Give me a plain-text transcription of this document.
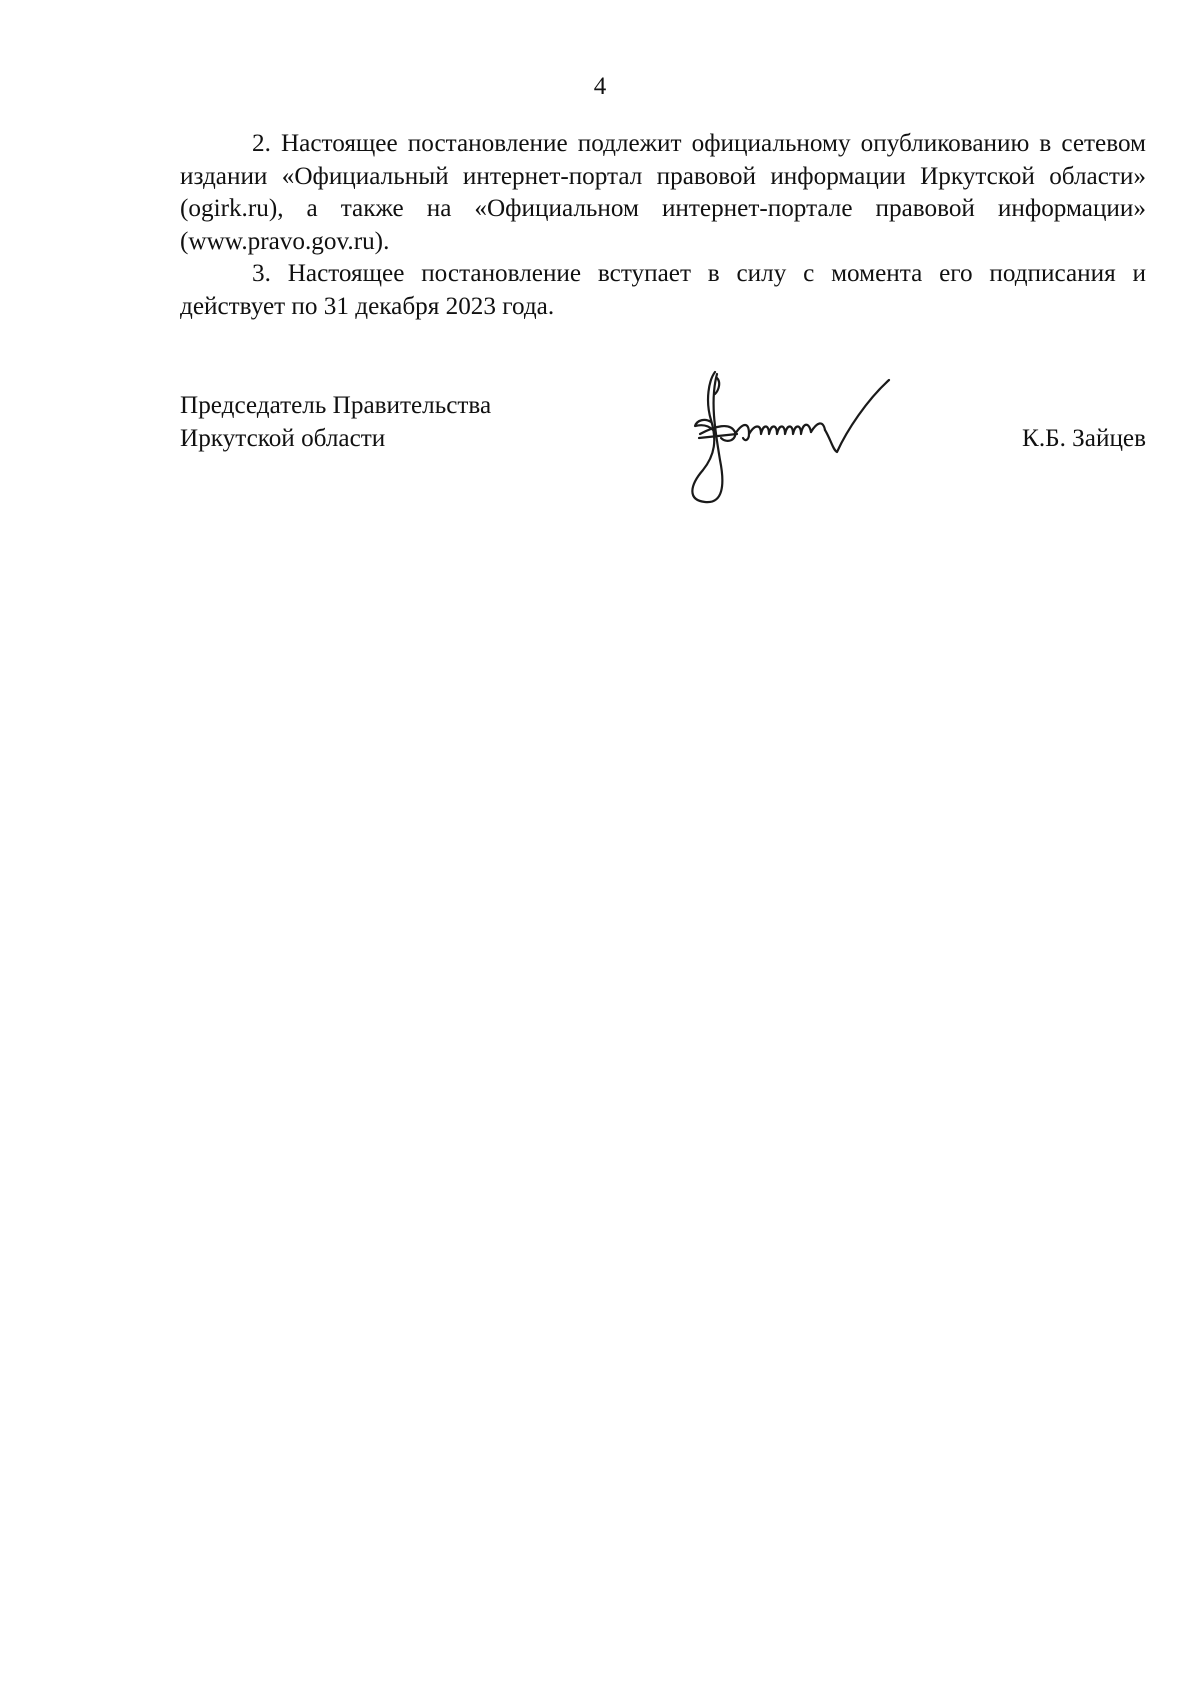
4

2. Настоящее постановление подлежит официальному опубликованию в сетевом издании «Официальный интернет-портал правовой информации Иркутской области» (ogirk.ru), а также на «Официальном интернет-портале правовой информации» (www.pravo.gov.ru).

3. Настоящее постановление вступает в силу с момента его подписания и действует по 31 декабря 2023 года.

Председатель Правительства
Иркутской области	К.Б. Зайцев
